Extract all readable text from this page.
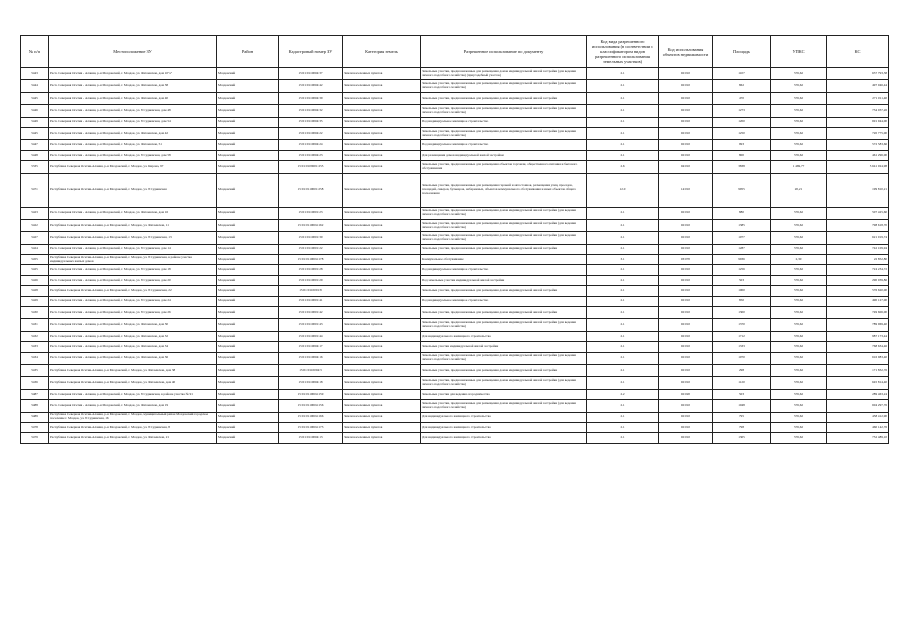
№ п/п	Местоположение ЗУ	Район	Кадастровый номер ЗУ	Категория земель	Разрешенное использование по документу	Код вида разрешенного использования (в соответствии с классификатором видов разрешенного использования земельных участков)	Код использования объектов недвижимости	Площадь	УПКС	КС
5443	Респ. Северная Осетия - Алания, р-н Моздокский, г. Моздок, ул. Фатеевская, дом 10"а"	Моздокский	15:01:0110004:37	Земли населенных пунктов	Земельные участки, предназначенные для размещения домов индивидуальной жилой застройки (для ведения личного подсобного хозяйства) (приусадебный участок)	2.1	02:010	1107	576,62	637 793,38
5444	Респ. Северная Осетия - Алания, р-н Моздокский, г. Моздок, ул. Фатеевская, дом 38	Моздокский	15:01:0110004:42	Земли населенных пунктов	Земельные участки, предназначенные для размещения домов индивидуальной жилой застройки (для ведения личного подсобного хозяйства)	2.1	02:010	862	576,62	497 046,44
5445	Респ. Северная Осетия - Алания, р-н Моздокский, г. Моздок, ул. Фатеевская, дом 40	Моздокский	15:01:0110004:39	Земли населенных пунктов	Земельные участки, предназначенные для размещения домов индивидуальной жилой застройки	2.1	02:010	470	576,62	271 011,40
5446	Респ. Северная Осетия - Алания, р-н Моздокский, г. Моздок, ул. 8 Судиевская, дом 48	Моздокский	15:01:0110004:32	Земли населенных пунктов	Земельные участки, предназначенные для размещения домов индивидуальной жилой застройки (для ведения личного подсобного хозяйства)	2.1	02:010	1273	576,62	734 037,26
5449	Респ. Северная Осетия - Алания, р-н Моздокский, г. Моздок, ул. 8 Судиевская, дом 54	Моздокский	15:01:0110004:35	Земли населенных пунктов	Под индивидуальное жилищное строительство	2.1	02:010	1200	576,62	691 944,00
5445	Респ. Северная Осетия - Алания, р-н Моздокский, г. Моздок, ул. Фатеевская, дом 42	Моздокский	15:01:0110004:22	Земли населенных пунктов	Земельные участки, предназначенные для размещения домов индивидуальной жилой застройки (для ведения личного подсобного хозяйства)	2.1	02:010	1250	576,62	720 775,00
5447	Респ. Северная Осетия - Алания, р-н Моздокский, г. Моздок, ул. Фатеевская, 51	Моздокский	15:01:0110004:24	Земли населенных пунктов	Под индивидуальное жилищное строительство	2.1	02:010	993	576,62	572 583,66
5448	Респ. Северная Осетия - Алания, р-н Моздокский, г. Моздок, ул. 8 Судиевская, дом 58	Моздокский	15:01:0110004:23	Земли населенных пунктов	Для размещения домов индивидуальной жилой застройки	2.1	02:010	800	576,62	461 296,00
5335	Республика Северная Осетия-Алания, р-н Моздокский, г. Моздок, ул. Кирова, 97	Моздокский	15:01:0109001:255	Земли населенных пунктов	Земельные участки, предназначенные для размещения объектов торговли, общественного питания и бытового обслуживания	2.6	04:010	3838	1 469,77	5 641 024,98
5471	Республика Северная Осетия-Алания, р-н Моздокский, г. Моздок, ул. 8 Судиевская	Моздокский	15:01:0110001:258	Земли населенных пунктов	Земельные участки, предназначенные для размещения гаражей и автостоянок, размещения улиц, проездов, площадей, скверов, бульваров, набережных, объектов коммунального обслуживания и иных объектов общего пользования	12.0	14:010	9955	20,21	199 810,21
5423	Респ. Северная Осетия - Алания, р-н Моздокский, г. Моздок, ул. Фатеевская, дом 16	Моздокский	15:01:0110001:23	Земли населенных пунктов	Земельные участки, предназначенные для размещения домов индивидуальной жилой застройки (для ведения личного подсобного хозяйства)	2.1	02:010	880	576,62	507 425,60
5422	Республика Северная Осетия-Алания, р-н Моздокский, г. Моздок, ул. Фатеевская, 11	Моздокский	15:01:0110004:162	Земли населенных пунктов	Земельные участки, предназначенные для размещения домов индивидуальной жилой застройки (для ведения личного подсобного хозяйства)	2.1	02:010	1385	576,62	798 618,70
5427	Республика Северная Осетия-Алания, р-н Моздокский, г. Моздок, ул. 8 Судиевская, 13	Моздокский	15:01:0110001:30	Земли населенных пунктов	Земельные участки, предназначенные для размещения домов индивидуальной жилой застройки (для ведения личного подсобного хозяйства)	2.1	02:010	1077	576,62	621 019,74
5424	Респ. Северная Осетия - Алания, р-н Моздокский, г. Моздок, ул. 8 Судиевская, дом 14	Моздокский	15:01:0110001:22	Земли населенных пунктов	Земельные участки, предназначенные для размещения домов индивидуальной жилой застройки	2.1	02:010	1287	576,62	742 109,94
5455	Республика Северная Осетия-Алания, р-н Моздокский, г. Моздок, ул. 8 Судиевская, в районе участка индивидуальных жилых домов	Моздокский	15:01:0110004:178	Земли населенных пунктов	Коммунальное обслуживание	3.1	03:070	9936	2,30	22 852,80
5425	Респ. Северная Осетия - Алания, р-н Моздокский, г. Моздок, ул. 8 Судиевская, дом 18	Моздокский	15:01:0110001:28	Земли населенных пунктов	Под индивидуальное жилищное строительство	2.1	02:010	1256	576,62	724 234,72
5426	Респ. Северная Осетия - Алания, р-н Моздокский, г. Моздок, ул. 8 Судиевская, дом 20	Моздокский	15:01:0110001:29	Земли населенных пунктов	Под земельные участки индивидуальной жилой застройки	2.1	02:010	503	576,62	290 039,86
5428	Республика Северная Осетия-Алания, р-н Моздокский, г. Моздок, ул. 8 Судиевская, 22	Моздокский	15:01:0110001:8	Земли населенных пунктов	Земельные участки, предназначенные для размещения домов индивидуальной жилой застройки	2.1	02:010	1000	576,62	576 620,00
5429	Респ. Северная Осетия - Алания, р-н Моздокский, г. Моздок, ул. 8 Судиевская, дом 24	Моздокский	15:01:0110001:41	Земли населенных пунктов	Под индивидуальное жилищное строительство	2.1	02:010	850	576,62	490 127,00
5430	Респ. Северная Осетия - Алания, р-н Моздокский, г. Моздок, ул. 8 Судиевская, дом 26	Моздокский	15:01:0110001:42	Земли населенных пунктов	Земельные участки, предназначенные для размещения домов индивидуальной жилой застройки	2.1	02:010	1300	576,62	749 606,00
5431	Респ. Северная Осетия - Алания, р-н Моздокский, г. Моздок, ул. Фатеевская, дом 30	Моздокский	15:01:0110001:43	Земли населенных пунктов	Земельные участки, предназначенные для размещения домов индивидуальной жилой застройки (для ведения личного подсобного хозяйства)	2.1	02:010	1370	576,62	789 969,40
5432	Респ. Северная Осетия - Алания, р-н Моздокский, г. Моздок, ул. Фатеевская, дом 32	Моздокский	15:01:0110001:44	Земли населенных пунктов	Для индивидуального жилищного строительства	2.1	02:010	1712	576,62	987 173,44
5433	Респ. Северная Осетия - Алания, р-н Моздокский, г. Моздок, ул. Фатеевская, дом 34	Моздокский	15:01:0110004:17	Земли населенных пунктов	Земельные участки индивидуальной жилой застройки	2.1	02:010	1333	576,62	768 634,46
5434	Респ. Северная Осетия - Алания, р-н Моздокский, г. Моздок, ул. Фатеевская, дом 36	Моздокский	15:01:0110004:16	Земли населенных пунктов	Земельные участки, предназначенные для размещения домов индивидуальной жилой застройки (для ведения личного подсобного хозяйства)	2.1	02:010	1070	576,62	616 983,40
5435	Республика Северная Осетия-Алания, р-н Моздокский, г. Моздок, ул. Фатеевская, дом 38	Моздокский	15:01:0110004:3	Земли населенных пунктов	Земельные участки, предназначенные для размещения домов индивидуальной жилой застройки	2.1	02:010	298	576,62	171 832,76
5436	Республика Северная Осетия-Алания, р-н Моздокский, г. Моздок, ул. Фатеевская, дом 40	Моздокский	15:01:0110004:18	Земли населенных пунктов	Земельные участки, предназначенные для размещения домов индивидуальной жилой застройки (для ведения личного подсобного хозяйства)	2.1	02:010	1120	576,62	645 814,40
5487	Респ. Северная Осетия - Алания, р-н Моздокский, г. Моздок, ул. 8 Судиевская, в районе участка № 91	Моздокский	15:01:0110004:159	Земли населенных пунктов	Земельные участки для ведения огородничества	2.2	02:020	503	576,62	289 463,24
5488	Респ. Северная Осетия - Алания, р-н Моздокский, г. Моздок, ул. Фатеевская, дом 19	Моздокский	15:01:0110004:156	Земли населенных пунктов	Земельные участки, предназначенные для размещения домов индивидуальной жилой застройки (для ведения личного подсобного хозяйства)	2.1	02:010	1048	576,62	604 297,76
5489	Республика Северная Осетия-Алания, р-н Моздокский, г. Моздок, муниципальный район Моздокский городское поселение г. Моздок, ул. 8 Судиевская, 16	Моздокский	15:01:0110004:166	Земли населенных пунктов	Для индивидуального жилищного строительства	2.1	02:010	795	576,62	458 412,90
5478	Республика Северная Осетия-Алания, р-н Моздокский, г. Моздок, ул. 8 Судиевская, 8	Моздокский	15:01:0110004:173	Земли населенных пунктов	Для индивидуального жилищного строительства	2.1	02:010	798	576,62	460 142,76
5479	Республика Северная Осетия-Алания, р-н Моздокский, г. Моздок, ул. Фатеевская, 21	Моздокский	15:01:0110004:13	Земли населенных пунктов	Для индивидуального жилищного строительства	2.1	02:010	1305	576,62	752 489,10
